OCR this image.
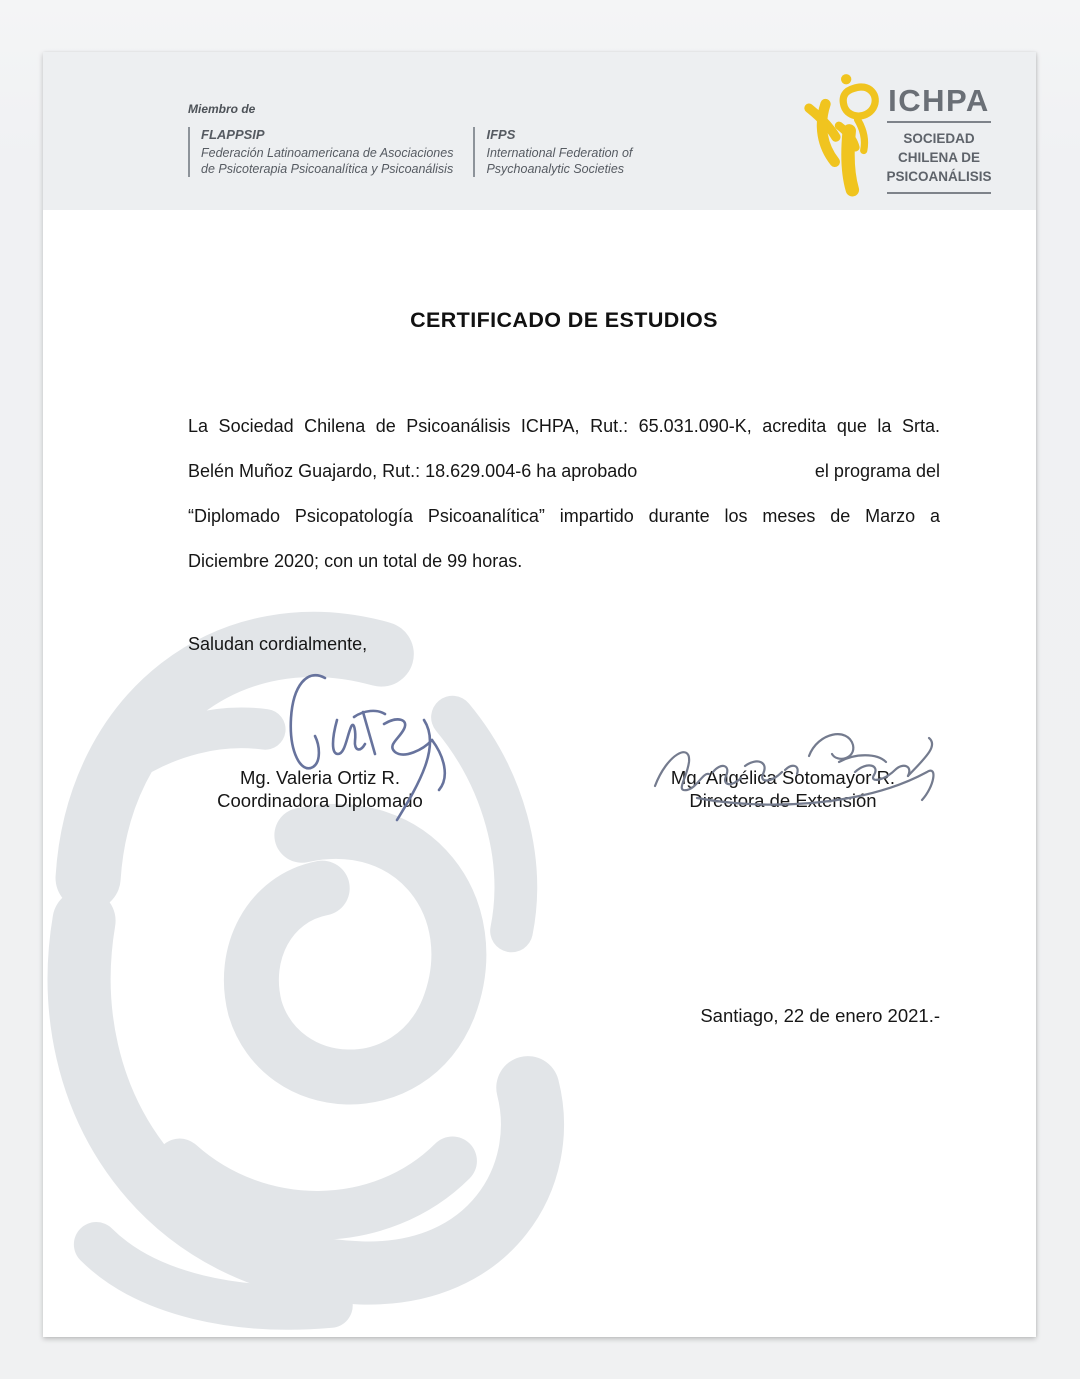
Miembro de
FLAPPSIP
Federación Latinoamericana de Asociaciones
de Psicoterapia Psicoanalítica y Psicoanálisis
IFPS
International Federation of
Psychoanalytic Societies
ICHPA
SOCIEDAD
CHILENA DE
PSICOANÁLISIS
CERTIFICADO DE ESTUDIOS
La Sociedad Chilena de Psicoanálisis ICHPA, Rut.: 65.031.090-K, acredita que la Srta.
Belén Muñoz Guajardo, Rut.: 18.629.004-6 ha aprobado	el programa del
“Diplomado Psicopatología Psicoanalítica” impartido durante los meses de Marzo a
Diciembre 2020; con un total de 99 horas.
Saludan cordialmente,
Mg. Valeria Ortiz R.
Coordinadora Diplomado
Mg. Angélica Sotomayor R.
Directora de Extensión
Santiago, 22 de enero 2021.-
